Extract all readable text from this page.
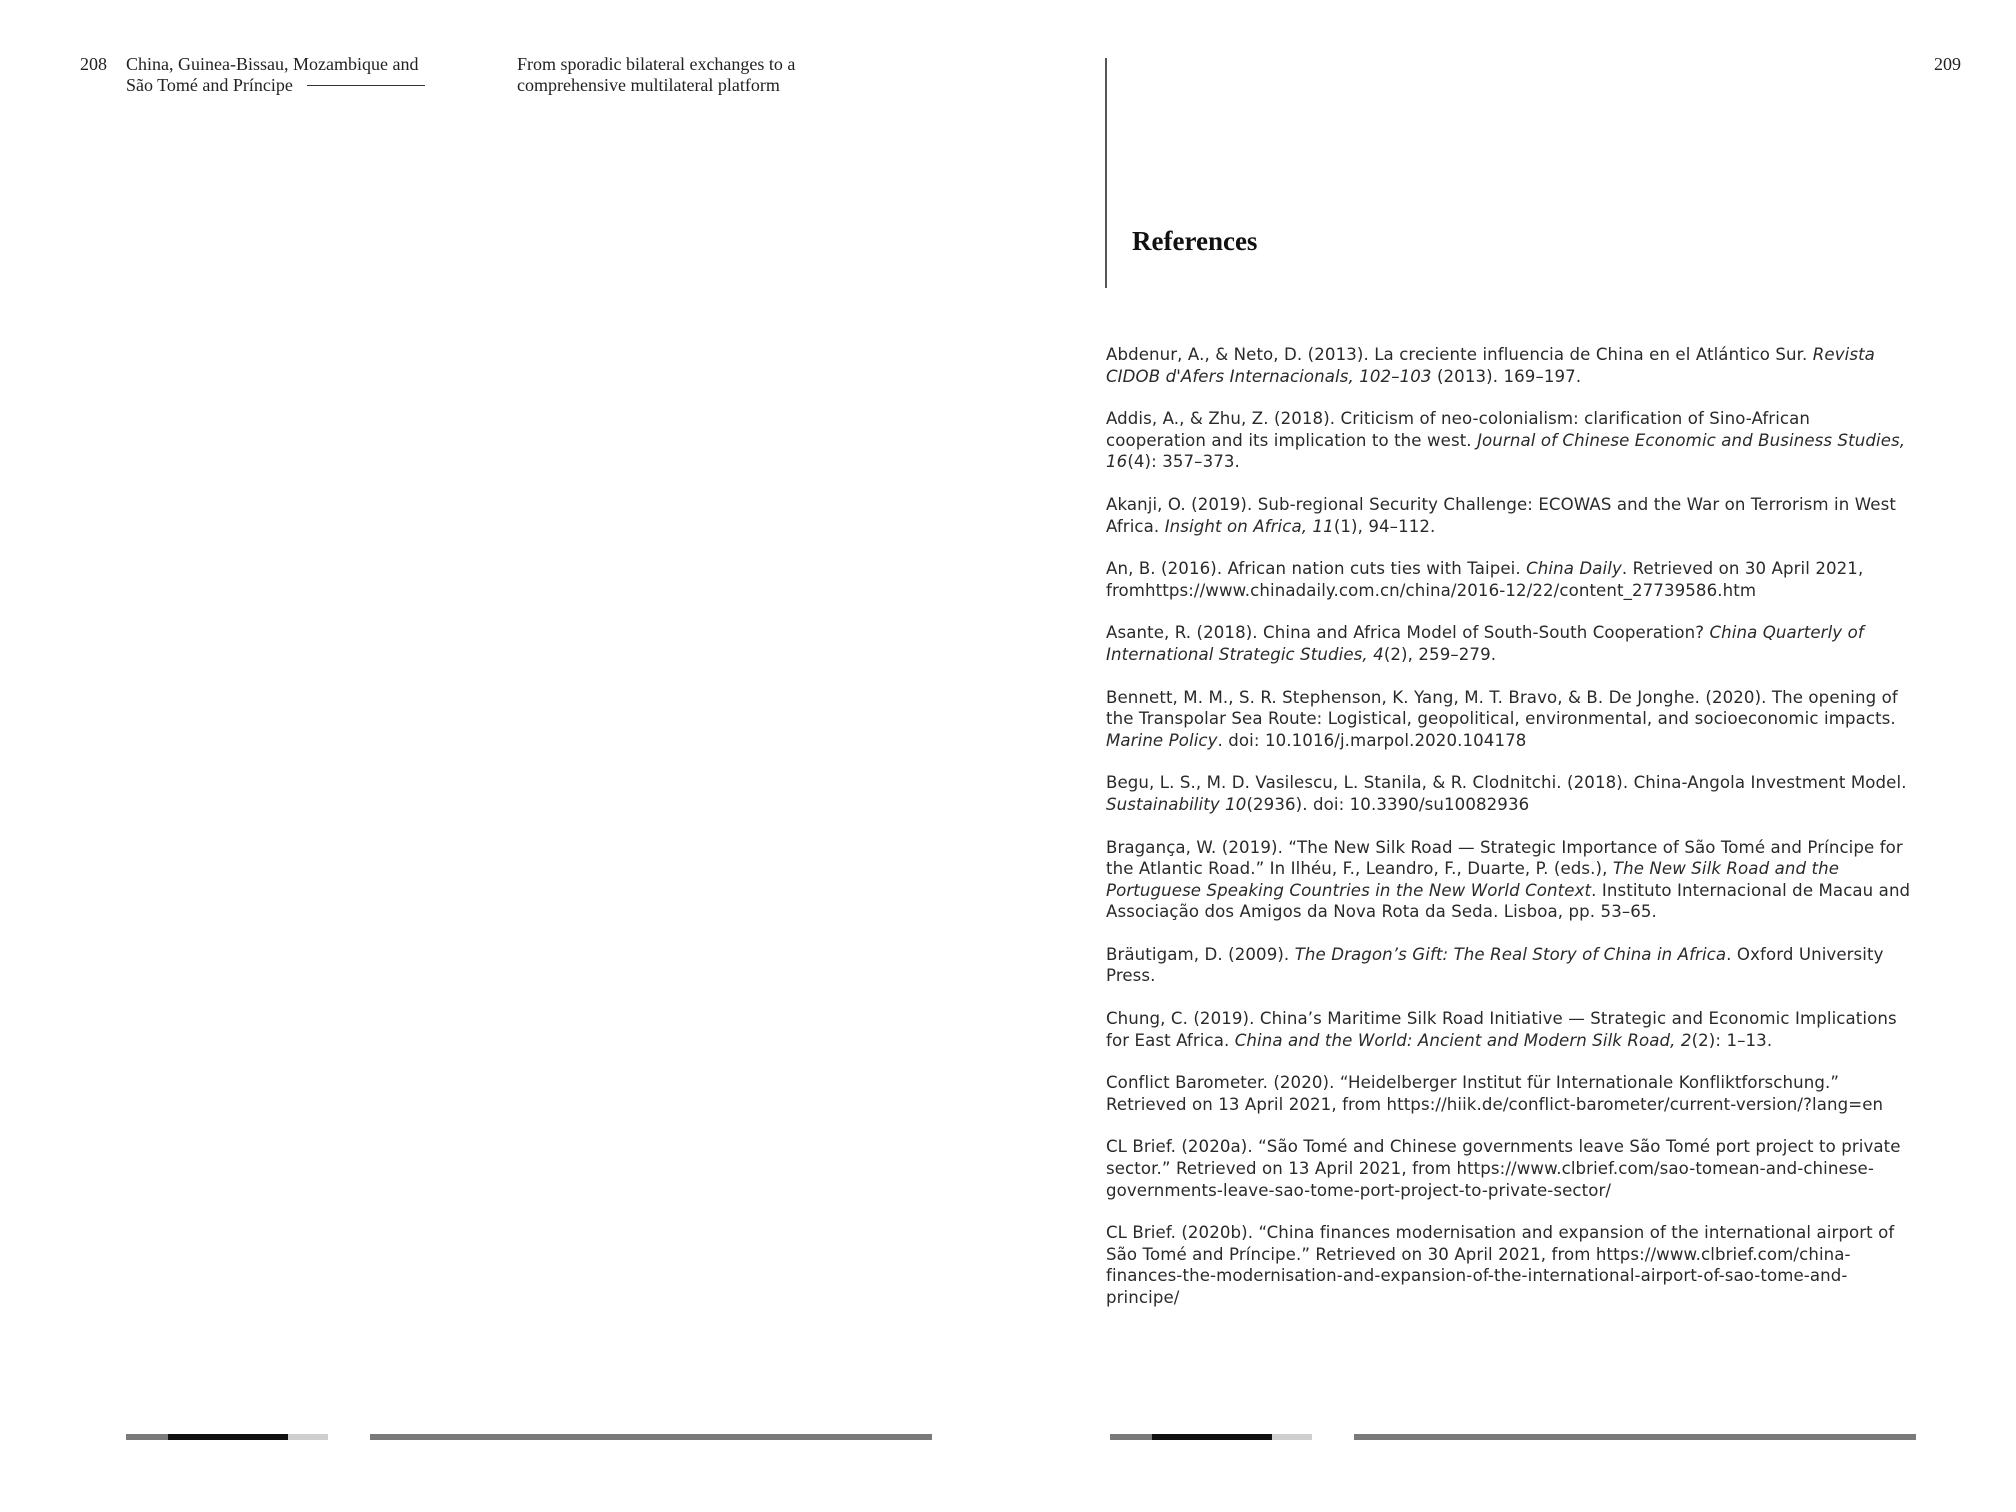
208 China, Guinea-Bissau, Mozambique and
São Tomé and Príncipe
From sporadic bilateral exchanges to a
comprehensive multilateral platform
209
References
Abdenur, A., & Neto, D. (2013). La creciente influencia de China en el Atlántico Sur. Revista CIDOB d'Afers Internacionals, 102–103 (2013). 169–197.
Addis, A., & Zhu, Z. (2018). Criticism of neo-colonialism: clarification of Sino-African cooperation and its implication to the west. Journal of Chinese Economic and Business Studies, 16(4): 357–373.
Akanji, O. (2019). Sub-regional Security Challenge: ECOWAS and the War on Terrorism in West Africa. Insight on Africa, 11(1), 94–112.
An, B. (2016). African nation cuts ties with Taipei. China Daily. Retrieved on 30 April 2021, fromhttps://www.chinadaily.com.cn/china/2016-12/22/content_27739586.htm
Asante, R. (2018). China and Africa Model of South-South Cooperation? China Quarterly of International Strategic Studies, 4(2), 259–279.
Bennett, M. M., S. R. Stephenson, K. Yang, M. T. Bravo, & B. De Jonghe. (2020). The opening of the Transpolar Sea Route: Logistical, geopolitical, environmental, and socioeconomic impacts. Marine Policy. doi: 10.1016/j.marpol.2020.104178
Begu, L. S., M. D. Vasilescu, L. Stanila, & R. Clodnitchi. (2018). China-Angola Investment Model. Sustainability 10(2936). doi: 10.3390/su10082936
Bragança, W. (2019). “The New Silk Road — Strategic Importance of São Tomé and Príncipe for the Atlantic Road.” In Ilhéu, F., Leandro, F., Duarte, P. (eds.), The New Silk Road and the Portuguese Speaking Countries in the New World Context. Instituto Internacional de Macau and Associação dos Amigos da Nova Rota da Seda. Lisboa, pp. 53–65.
Bräutigam, D. (2009). The Dragon’s Gift: The Real Story of China in Africa. Oxford University Press.
Chung, C. (2019). China’s Maritime Silk Road Initiative — Strategic and Economic Implications for East Africa. China and the World: Ancient and Modern Silk Road, 2(2): 1–13.
Conflict Barometer. (2020). “Heidelberger Institut für Internationale Konfliktforschung.” Retrieved on 13 April 2021, from https://hiik.de/conflict-barometer/current-version/?lang=en
CL Brief. (2020a). “São Tomé and Chinese governments leave São Tomé port project to private sector.” Retrieved on 13 April 2021, from https://www.clbrief.com/sao-tomean-and-chinese-governments-leave-sao-tome-port-project-to-private-sector/
CL Brief. (2020b). “China finances modernisation and expansion of the international airport of São Tomé and Príncipe.” Retrieved on 30 April 2021, from https://www.clbrief.com/china-finances-the-modernisation-and-expansion-of-the-international-airport-of-sao-tome-and-principe/
